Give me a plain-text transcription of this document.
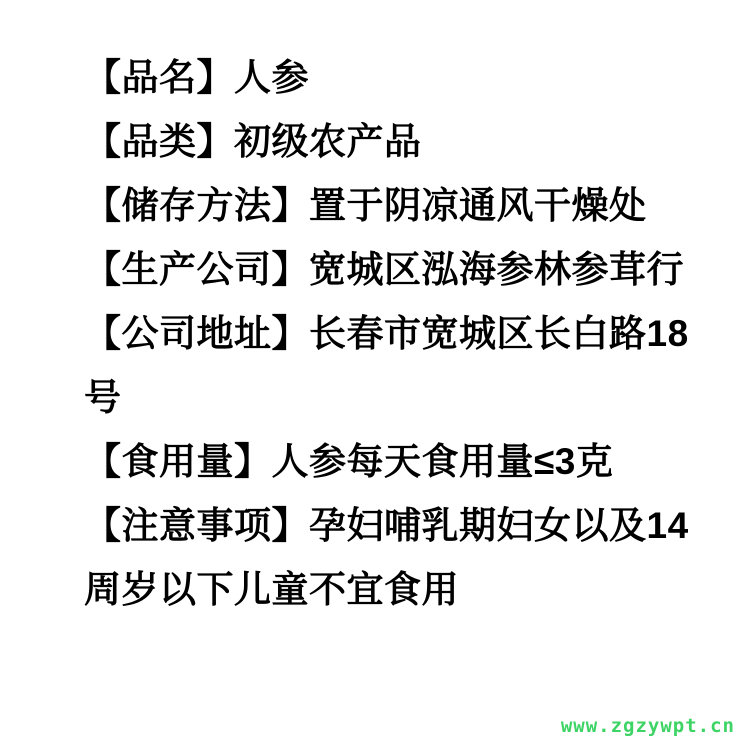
【品名】人参

【品类】初级农产品

【储存方法】置于阴凉通风干燥处

【生产公司】宽城区泓海参林参茸行

【公司地址】长春市宽城区长白路18

号

【食用量】人参每天食用量≤3克

【注意事项】孕妇哺乳期妇女以及14

周岁以下儿童不宜食用

www.zgzywpt.cn
